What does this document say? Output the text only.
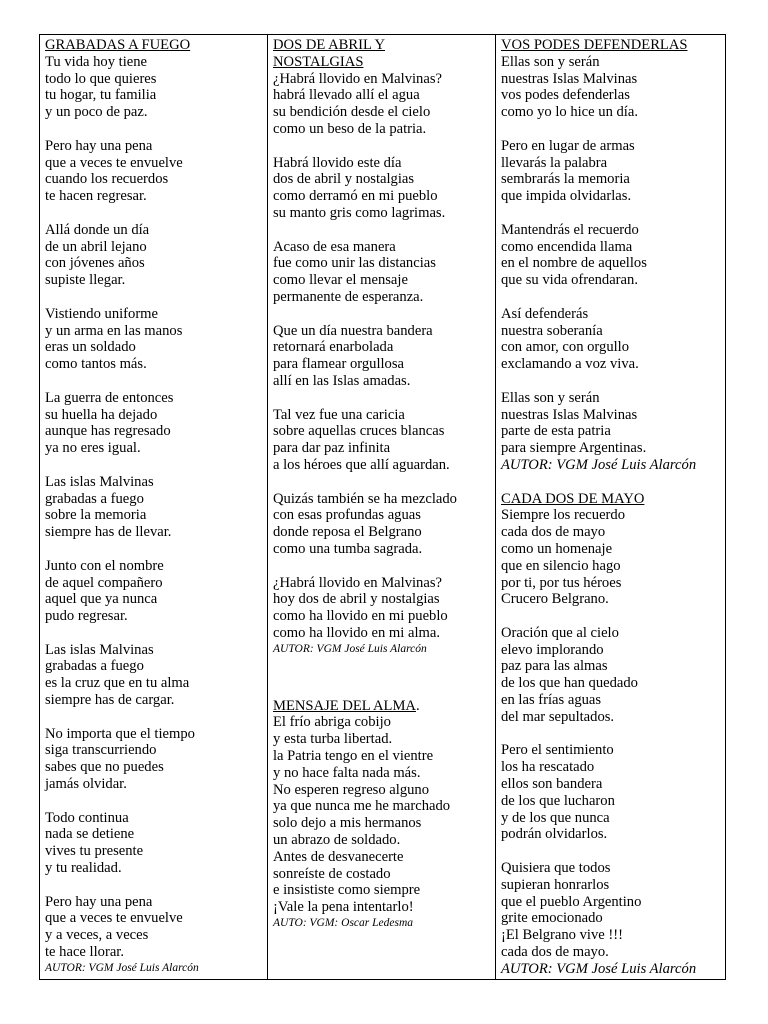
GRABADAS A FUEGO
Tu vida hoy tiene
todo lo que quieres
tu hogar, tu familia
y un poco de paz.
Pero hay una pena
que a veces te envuelve
cuando los recuerdos
te hacen regresar.
Allá donde un día
de un abril lejano
con jóvenes años
supiste llegar.
Vistiendo uniforme
y un arma en las manos
eras un soldado
como tantos más.
La guerra de entonces
su huella ha dejado
aunque has regresado
ya no eres igual.
Las islas Malvinas
grabadas a fuego
sobre la memoria
siempre has de llevar.
Junto con el nombre
de aquel compañero
aquel que ya nunca
pudo regresar.
Las islas Malvinas
grabadas a fuego
es la cruz que en tu alma
siempre has de cargar.
No importa que el tiempo
siga transcurriendo
sabes que no puedes
jamás olvidar.
Todo continua
nada se detiene
vives tu presente
y tu realidad.
Pero hay una pena
que a veces te envuelve
y a veces, a veces
te hace llorar.
AUTOR: VGM José Luis Alarcón
DOS DE ABRIL Y
NOSTALGIAS
¿Habrá llovido en Malvinas?
habrá llevado allí el agua
su bendición desde el cielo
como un beso de la patria.
Habrá llovido este día
dos de abril y nostalgias
como derramó en mi pueblo
su manto gris como lagrimas.
Acaso de esa manera
fue como unir las distancias
como llevar el mensaje
permanente de esperanza.
Que un día nuestra bandera
retornará enarbolada
para flamear orgullosa
allí en las Islas amadas.
Tal vez fue una caricia
sobre aquellas cruces blancas
para dar paz infinita
a los héroes que allí aguardan.
Quizás también se ha mezclado
con esas profundas aguas
donde reposa el Belgrano
como una tumba sagrada.
¿Habrá llovido en Malvinas?
hoy dos de abril y nostalgias
como ha llovido en mi pueblo
como ha llovido en mi alma.
AUTOR: VGM José Luis Alarcón
MENSAJE DEL ALMA.
El frío abriga cobijo
y esta turba libertad.
la Patria tengo en el vientre
y no hace falta nada más.
No esperen regreso alguno
ya que nunca me he marchado
solo dejo a mis hermanos
un abrazo de soldado.
Antes de desvanecerte
sonreíste de costado
e insististe como siempre
¡Vale la pena intentarlo!
AUTO: VGM: Oscar Ledesma
VOS PODES DEFENDERLAS
Ellas son y serán
nuestras Islas Malvinas
vos podes defenderlas
como yo lo hice un día.
Pero en lugar de armas
llevarás la palabra
sembrarás la memoria
que impida olvidarlas.
Mantendrás el recuerdo
como encendida llama
en el nombre de aquellos
que su vida ofrendaran.
Así defenderás
nuestra soberanía
con amor, con orgullo
exclamando a voz viva.
Ellas son y serán
nuestras Islas Malvinas
parte de esta patria
para siempre Argentinas.
AUTOR: VGM José Luis Alarcón
CADA DOS DE MAYO
Siempre los recuerdo
cada dos de mayo
como un homenaje
que en silencio hago
por ti, por tus héroes
Crucero Belgrano.
Oración que al cielo
elevo implorando
paz para las almas
de los que han quedado
en las frías aguas
del mar sepultados.
Pero el sentimiento
los ha rescatado
ellos son bandera
de los que lucharon
y de los que nunca
podrán olvidarlos.
Quisiera que todos
supieran honrarlos
que el pueblo Argentino
grite emocionado
¡El Belgrano vive !!!
cada dos de mayo.
AUTOR: VGM José Luis Alarcón
